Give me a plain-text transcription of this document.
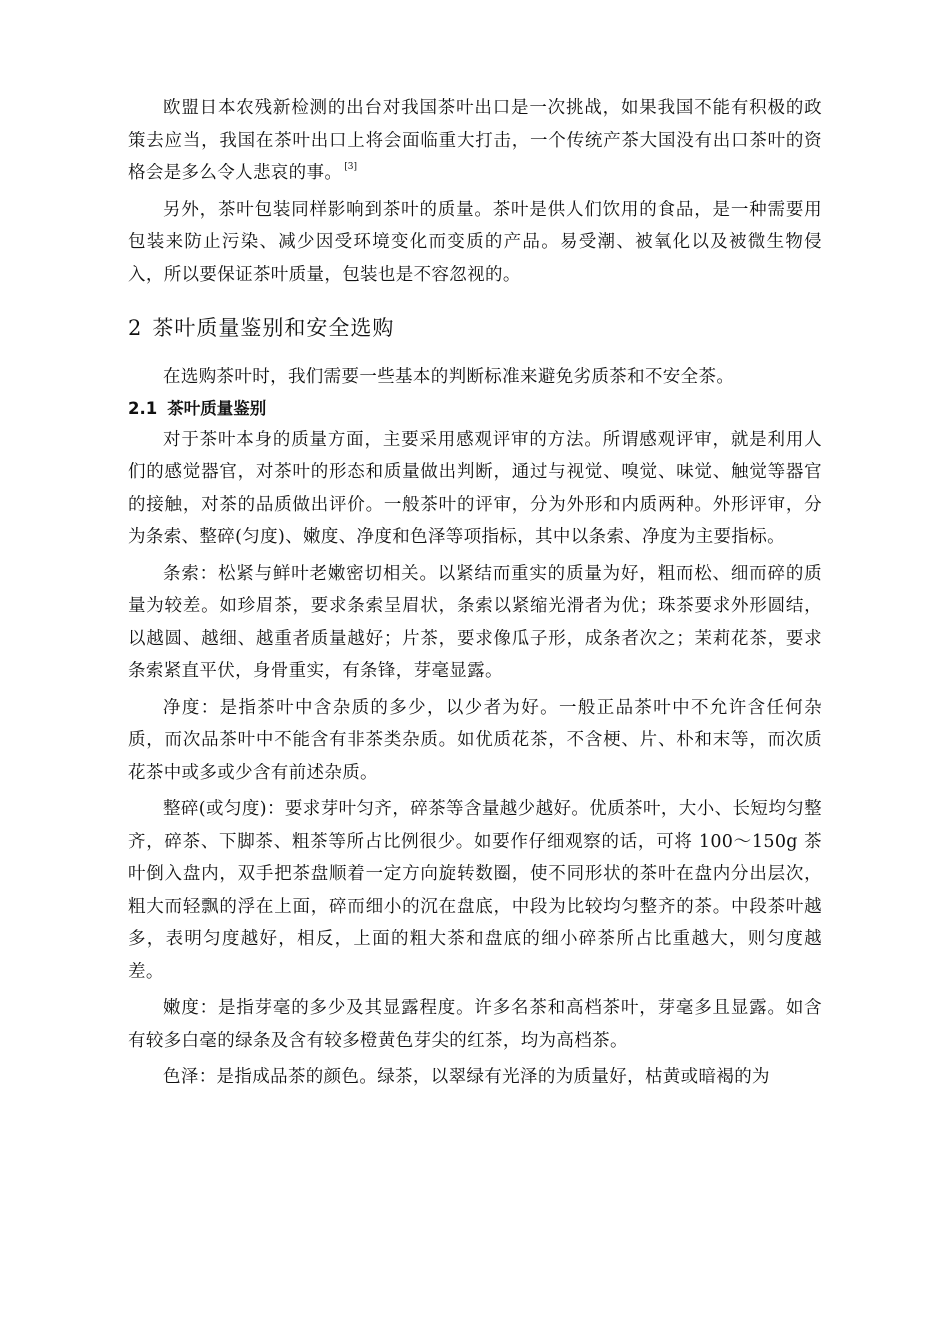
欧盟日本农残新检测的出台对我国茶叶出口是一次挑战，如果我国不能有积极的政策去应当，我国在茶叶出口上将会面临重大打击，一个传统产茶大国没有出口茶叶的资格会是多么令人悲哀的事。 [3]

另外，茶叶包装同样影响到茶叶的质量。茶叶是供人们饮用的食品，是一种需要用包装来防止污染、减少因受环境变化而变质的产品。易受潮、被氧化以及被微生物侵入，所以要保证茶叶质量，包装也是不容忽视的。

2 茶叶质量鉴别和安全选购

在选购茶叶时，我们需要一些基本的判断标准来避免劣质茶和不安全茶。

2.1 茶叶质量鉴别

对于茶叶本身的质量方面，主要采用感观评审的方法。所谓感观评审，就是利用人们的感觉器官，对茶叶的形态和质量做出判断，通过与视觉、嗅觉、味觉、触觉等器官的接触，对茶的品质做出评价。一般茶叶的评审，分为外形和内质两种。外形评审，分为条索、整碎(匀度)、嫩度、净度和色泽等项指标，其中以条索、净度为主要指标。

条索：松紧与鲜叶老嫩密切相关。以紧结而重实的质量为好，粗而松、细而碎的质量为较差。如珍眉茶，要求条索呈眉状，条索以紧缩光滑者为优；珠茶要求外形圆结，以越圆、越细、越重者质量越好；片茶，要求像瓜子形，成条者次之；茉莉花茶，要求条索紧直平伏，身骨重实，有条锋，芽毫显露。

净度：是指茶叶中含杂质的多少，以少者为好。一般正品茶叶中不允许含任何杂质，而次品茶叶中不能含有非茶类杂质。如优质花茶，不含梗、片、朴和末等，而次质花茶中或多或少含有前述杂质。

整碎(或匀度)：要求芽叶匀齐，碎茶等含量越少越好。优质茶叶，大小、长短均匀整齐，碎茶、下脚茶、粗茶等所占比例很少。如要作仔细观察的话，可将 100～150g 茶叶倒入盘内，双手把茶盘顺着一定方向旋转数圈，使不同形状的茶叶在盘内分出层次，粗大而轻飘的浮在上面，碎而细小的沉在盘底，中段为比较均匀整齐的茶。中段茶叶越多，表明匀度越好，相反，上面的粗大茶和盘底的细小碎茶所占比重越大，则匀度越差。

嫩度：是指芽毫的多少及其显露程度。许多名茶和高档茶叶，芽毫多且显露。如含有较多白毫的绿条及含有较多橙黄色芽尖的红茶，均为高档茶。

色泽：是指成品茶的颜色。绿茶，以翠绿有光泽的为质量好，枯黄或暗褐的为
